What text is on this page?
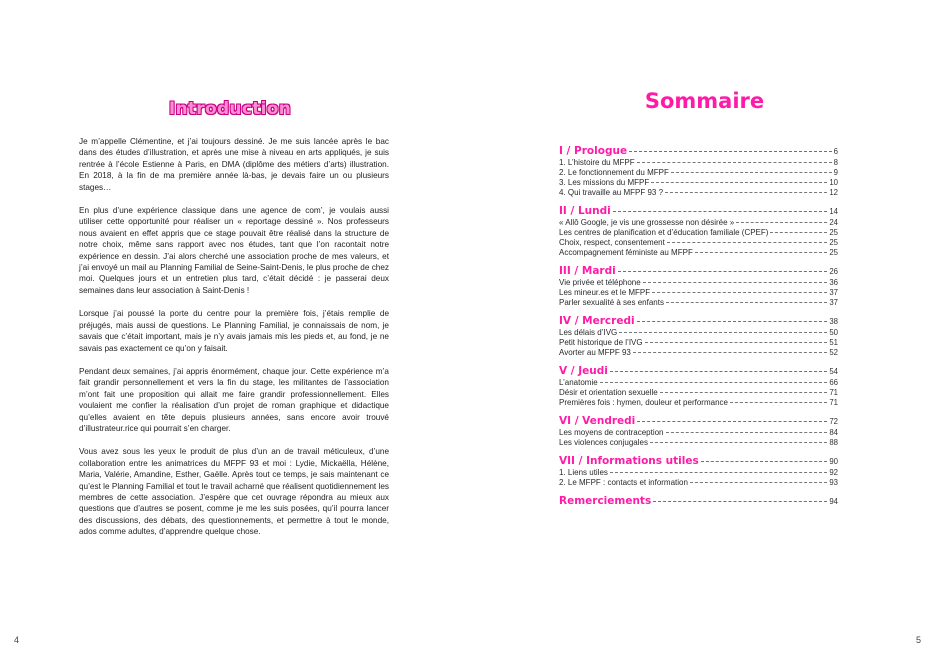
Introduction

Je m’appelle Clémentine, et j’ai toujours dessiné. Je me suis lancée après le bac dans des études d’illustration, et après une mise à niveau en arts appliqués, je suis rentrée à l’école Estienne à Paris, en DMA (diplôme des métiers d’arts) illustration. En 2018, à la fin de ma première année là-bas, je devais faire un ou plusieurs stages…

En plus d’une expérience classique dans une agence de com’, je voulais aussi utiliser cette opportunité pour réaliser un « reportage dessiné ». Nos professeurs nous avaient en effet appris que ce stage pouvait être réalisé dans la structure de notre choix, même sans rapport avec nos études, tant que l’on racontait notre expérience en dessin. J’ai alors cherché une association proche de mes valeurs, et j’ai envoyé un mail au Planning Familial de Seine-Saint-Denis, le plus proche de chez moi. Quelques jours et un entretien plus tard, c’était décidé : je passerai deux semaines dans leur association à Saint-Denis !

Lorsque j’ai poussé la porte du centre pour la première fois, j’étais remplie de préjugés, mais aussi de questions. Le Planning Familial, je connaissais de nom, je savais que c’était important, mais je n’y avais jamais mis les pieds et, au fond, je ne savais pas exactement ce qu’on y faisait.

Pendant deux semaines, j’ai appris énormément, chaque jour. Cette expérience m’a fait grandir personnellement et vers la fin du stage, les militantes de l’association m’ont fait une proposition qui allait me faire grandir professionnellement. Elles voulaient me confier la réalisation d’un projet de roman graphique et didactique qu’elles avaient en tête depuis plusieurs années, sans encore avoir trouvé d’illustrateur.rice qui pourrait s’en charger.

Vous avez sous les yeux le produit de plus d’un an de travail méticuleux, d’une collaboration entre les animatrices du MFPF 93 et moi : Lydie, Mickaëlla, Hélène, Maria, Valérie, Amandine, Esther, Gaëlle. Après tout ce temps, je sais maintenant ce qu’est le Planning Familial et tout le travail acharné que réalisent quotidiennement les membres de cette association. J’espère que cet ouvrage répondra au mieux aux questions que d’autres se posent, comme je me les suis posées, qu’il pourra lancer des discussions, des débats, des questionnements, et permettre à tout le monde, ados comme adultes, d’apprendre quelque chose.

4
Sommaire
I / Prologue	6
1. L’histoire du MFPF	8
2. Le fonctionnement du MFPF	9
3. Les missions du MFPF	10
4. Qui travaille au MFPF 93 ?	12
II / Lundi	14
« Allô Google, je vis une grossesse non désirée »	24
Les centres de planification et d’éducation familiale (CPEF)	25
Choix, respect, consentement	25
Accompagnement féministe au MFPF	25
III / Mardi	26
Vie privée et téléphone	36
Les mineur.es et le MFPF	37
Parler sexualité à ses enfants	37
IV / Mercredi	38
Les délais d’IVG	50
Petit historique de l’IVG	51
Avorter au MFPF 93	52
V / Jeudi	54
L’anatomie	66
Désir et orientation sexuelle	71
Premières fois : hymen, douleur et performance	71
VI / Vendredi	72
Les moyens de contraception	84
Les violences conjugales	88
VII / Informations utiles	90
1. Liens utiles	92
2. Le MFPF : contacts et information	93
Remerciements	94
5
